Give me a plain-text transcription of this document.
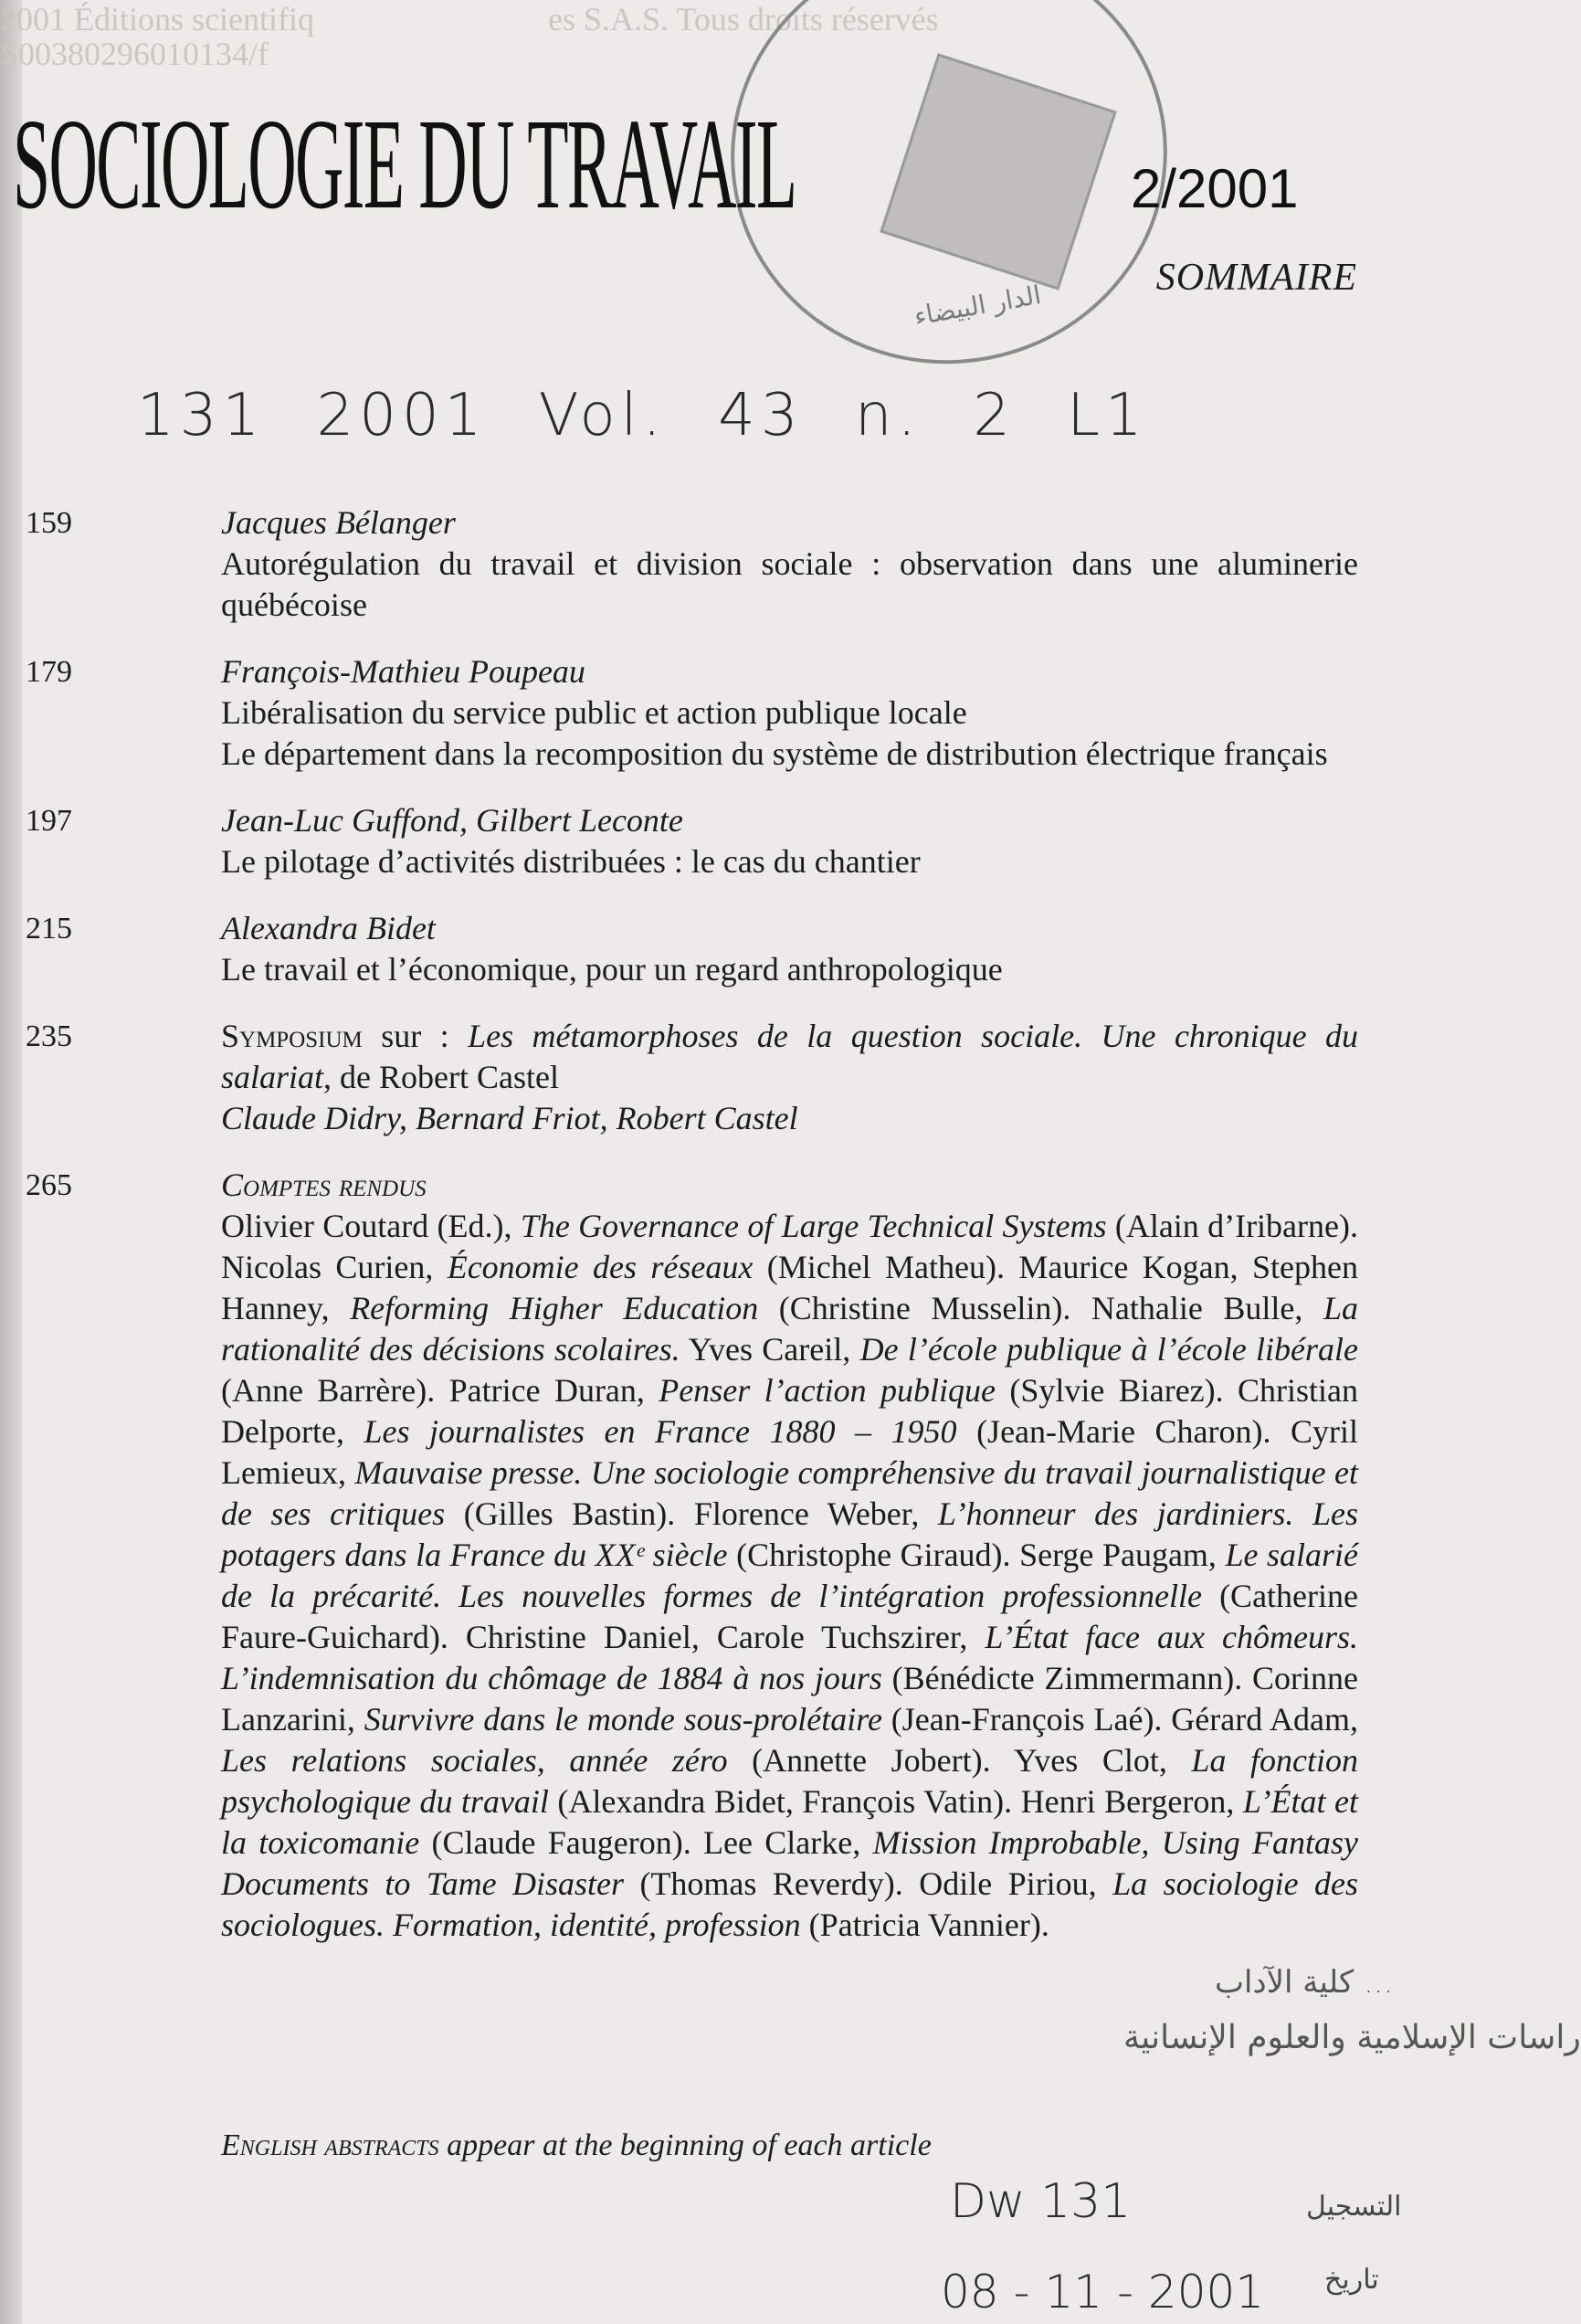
2001 Éditions scientifiq
S00380296010134/f
es S.A.S. Tous droits réservés
الدار البيضاء
SOCIOLOGIE DU TRAVAIL	2/2001
SOMMAIRE
131 2001 Vol. 43 n. 2 L1
159	Jacques Bélanger
Autorégulation du travail et division sociale : observation dans une aluminerie québécoise
179	François-Mathieu Poupeau
Libéralisation du service public et action publique locale
Le département dans la recomposition du système de distribution électrique français
197	Jean-Luc Guffond, Gilbert Leconte
Le pilotage d’activités distribuées : le cas du chantier
215	Alexandra Bidet
Le travail et l’économique, pour un regard anthropologique
235	Symposium sur : Les métamorphoses de la question sociale. Une chronique du salariat, de Robert Castel
Claude Didry, Bernard Friot, Robert Castel
265	Comptes rendus
Olivier Coutard (Ed.), The Governance of Large Technical Systems (Alain d’Iribarne). Nicolas Curien, Économie des réseaux (Michel Matheu). Maurice Kogan, Stephen Hanney, Reforming Higher Education (Christine Musselin). Nathalie Bulle, La rationalité des décisions scolaires. Yves Careil, De l’école publique à l’école libérale (Anne Barrère). Patrice Duran, Penser l’action publique (Sylvie Biarez). Christian Delporte, Les journalistes en France 1880 – 1950 (Jean-Marie Charon). Cyril Lemieux, Mauvaise presse. Une sociologie compréhensive du travail journalistique et de ses critiques (Gilles Bastin). Florence Weber, L’honneur des jardiniers. Les potagers dans la France du XXᵉ siècle (Christophe Giraud). Serge Paugam, Le salarié de la précarité. Les nouvelles formes de l’intégration professionnelle (Catherine Faure-Guichard). Christine Daniel, Carole Tuchszirer, L’État face aux chômeurs. L’indemnisation du chômage de 1884 à nos jours (Bénédicte Zimmermann). Corinne Lanzarini, Survivre dans le monde sous-prolétaire (Jean-François Laé). Gérard Adam, Les relations sociales, année zéro (Annette Jobert). Yves Clot, La fonction psychologique du travail (Alexandra Bidet, François Vatin). Henri Bergeron, L’État et la toxicomanie (Claude Faugeron). Lee Clarke, Mission Improbable, Using Fantasy Documents to Tame Disaster (Thomas Reverdy). Odile Piriou, La sociologie des sociologues. Formation, identité, profession (Patricia Vannier).
English abstracts appear at the beginning of each article
كلية الآداب ...
راسات الإسلامية والعلوم الإنسانية
التسجيل
Dw 131
تاريخ
08 - 11 - 2001
